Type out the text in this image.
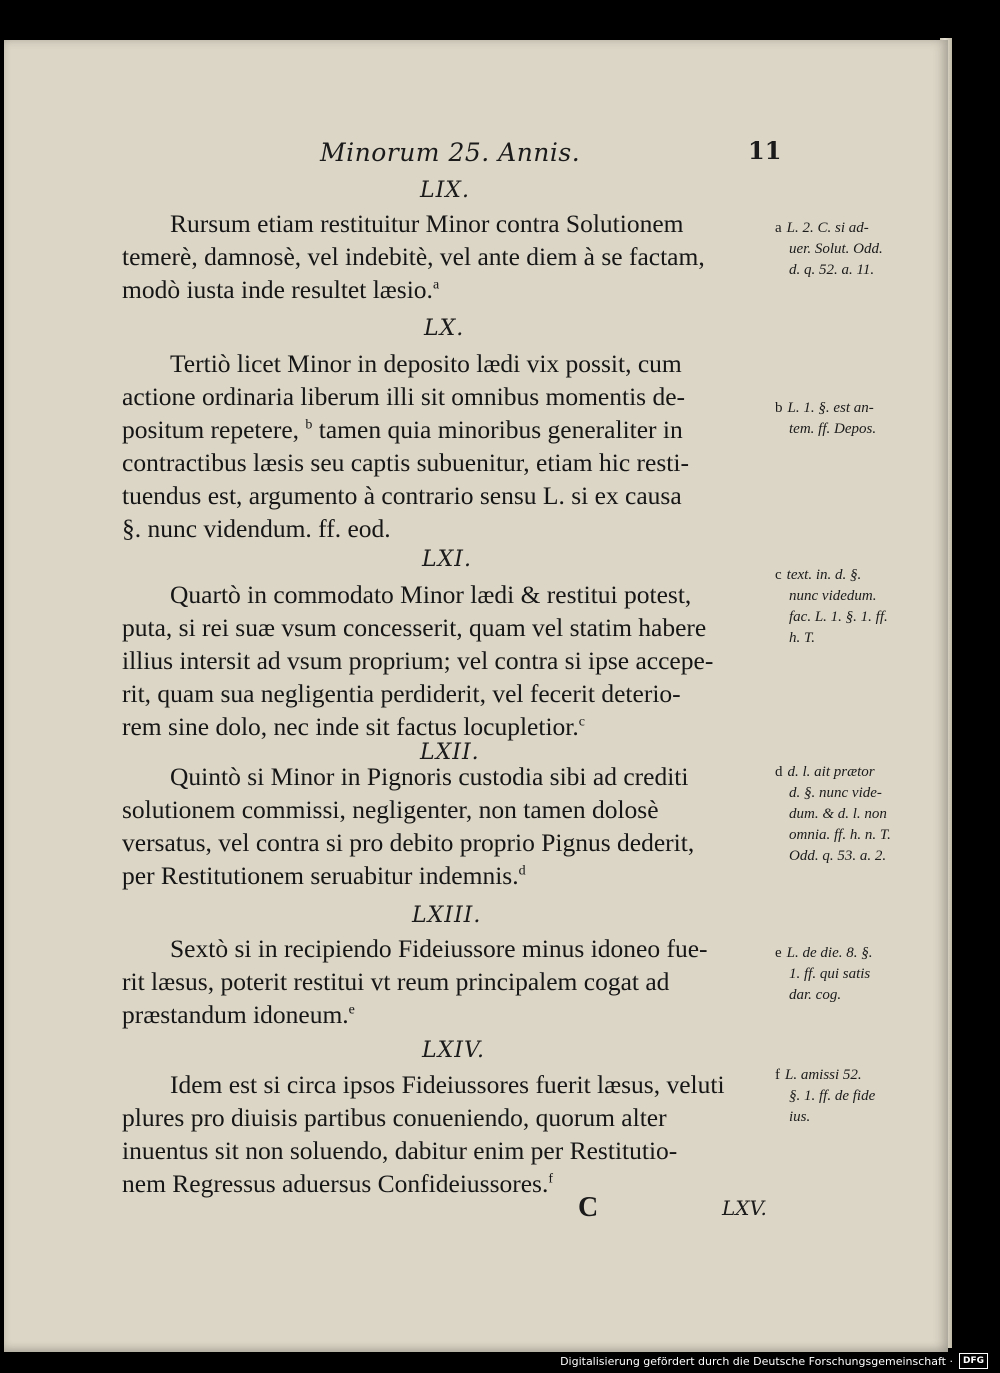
Minorum 25. Annis.	11
LIX.
Rursum etiam restituitur Minor contra Solutionem
temerè, damnosè, vel indebitè, vel ante diem à se factam,
modò iusta inde resultet læsio.$^a$
LX.
Tertiò licet Minor in deposito lædi vix possit, cum
actione ordinaria liberum illi sit omnibus momentis de-
positum repetere, $^b$ tamen quia minoribus generaliter in
contractibus læsis seu captis subuenitur, etiam hic resti-
tuendus est, argumento à contrario sensu L. si ex causa
§. nunc videndum. ff. eod.
LXI.
Quartò in commodato Minor lædi & restitui potest,
puta, si rei suæ vsum concesserit, quam vel statim habere
illius intersit ad vsum proprium; vel contra si ipse accepe-
rit, quam sua negligentia perdiderit, vel fecerit deterio-
rem sine dolo, nec inde sit factus locupletior.$^c$
LXII.
Quintò si Minor in Pignoris custodia sibi ad crediti
solutionem commissi, negligenter, non tamen dolosè
versatus, vel contra si pro debito proprio Pignus dederit,
per Restitutionem seruabitur indemnis.$^d$
LXIII.
Sextò si in recipiendo Fideiussore minus idoneo fue-
rit læsus, poterit restitui vt reum principalem cogat ad
præstandum idoneum.$^e$
LXIV.
Idem est si circa ipsos Fideiussores fuerit læsus, veluti
plures pro diuisis partibus conueniendo, quorum alter
inuentus sit non soluendo, dabitur enim per Restitutio-
nem Regressus aduersus Confideiussores.$^f$
a L. 2. C. si ad-
uer. Solut. Odd.
d. q. 52. a. 11.
b L. 1. §. est an-
tem. ff. Depos.
c text. in. d. §.
nunc videdum.
fac. L. 1. §. 1. ff.
h. T.
d d. l. ait prætor
d. §. nunc vide-
dum. & d. l. non
omnia. ff. h. n. T.
Odd. q. 53. a. 2.
e L. de die. 8. §.
1. ff. qui satis
dar. cog.
f L. amissi 52.
§. 1. ff. de fide
ius.
C	LXV.
Digitalisierung gefördert durch die Deutsche Forschungsgemeinschaft ·	DFG
